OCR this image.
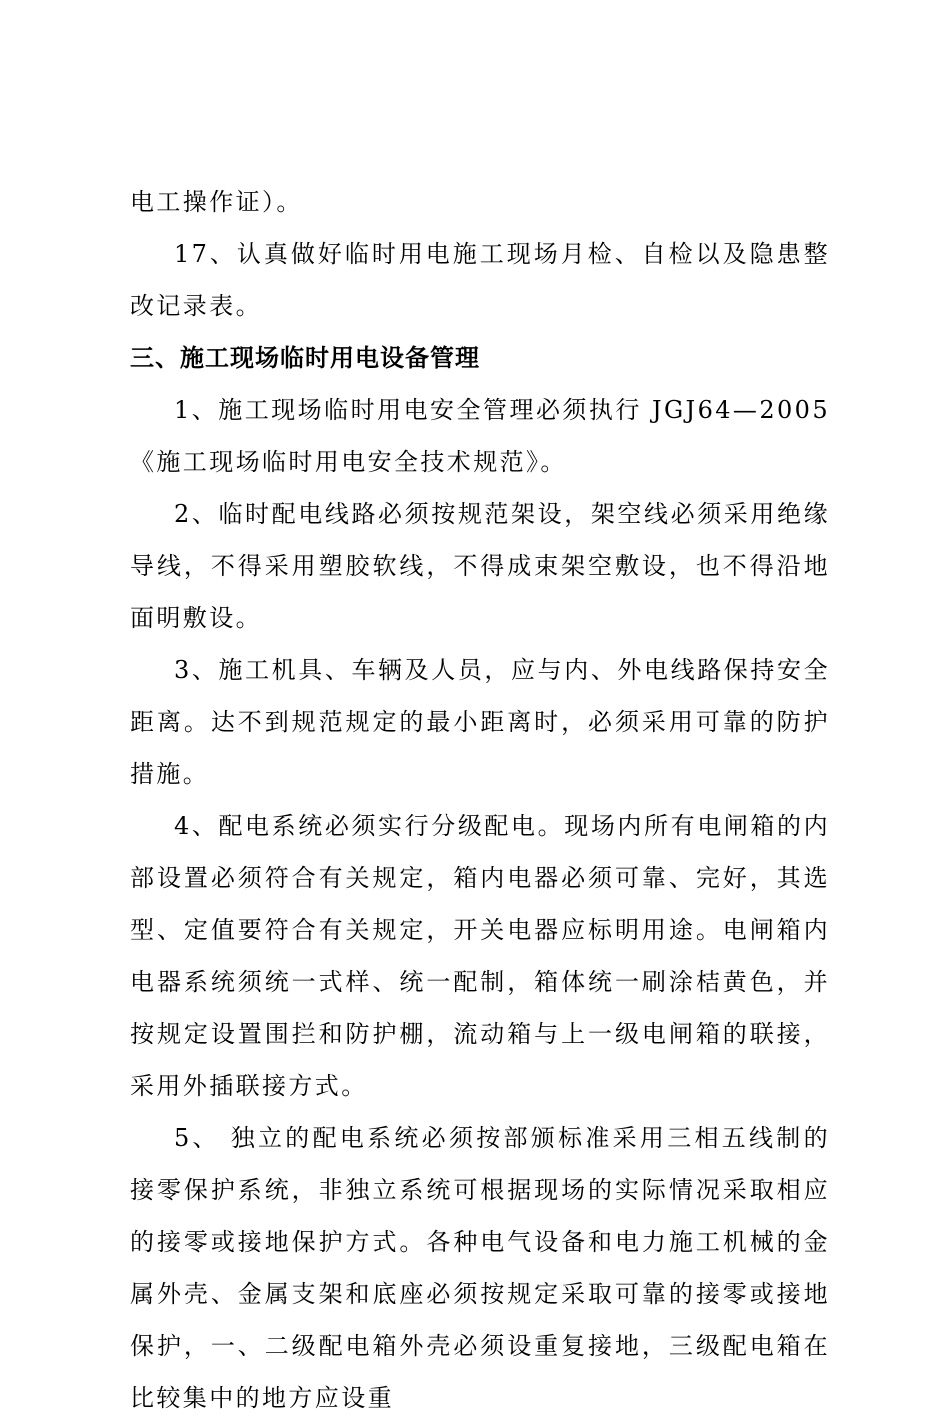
电工操作证）。

17、认真做好临时用电施工现场月检、自检以及隐患整改记录表。

三、施工现场临时用电设备管理

1、施工现场临时用电安全管理必须执行 JGJ64—2005《施工现场临时用电安全技术规范》。

2、临时配电线路必须按规范架设，架空线必须采用绝缘导线，不得采用塑胶软线，不得成束架空敷设，也不得沿地面明敷设。

3、施工机具、车辆及人员，应与内、外电线路保持安全距离。达不到规范规定的最小距离时，必须采用可靠的防护措施。

4、配电系统必须实行分级配电。现场内所有电闸箱的内部设置必须符合有关规定，箱内电器必须可靠、完好，其选型、定值要符合有关规定，开关电器应标明用途。电闸箱内电器系统须统一式样、统一配制，箱体统一刷涂桔黄色，并按规定设置围拦和防护棚，流动箱与上一级电闸箱的联接，采用外插联接方式。

5、 独立的配电系统必须按部颁标准采用三相五线制的接零保护系统，非独立系统可根据现场的实际情况采取相应的接零或接地保护方式。各种电气设备和电力施工机械的金属外壳、金属支架和底座必须按规定采取可靠的接零或接地保护，一、二级配电箱外壳必须设重复接地，三级配电箱在比较集中的地方应设重
